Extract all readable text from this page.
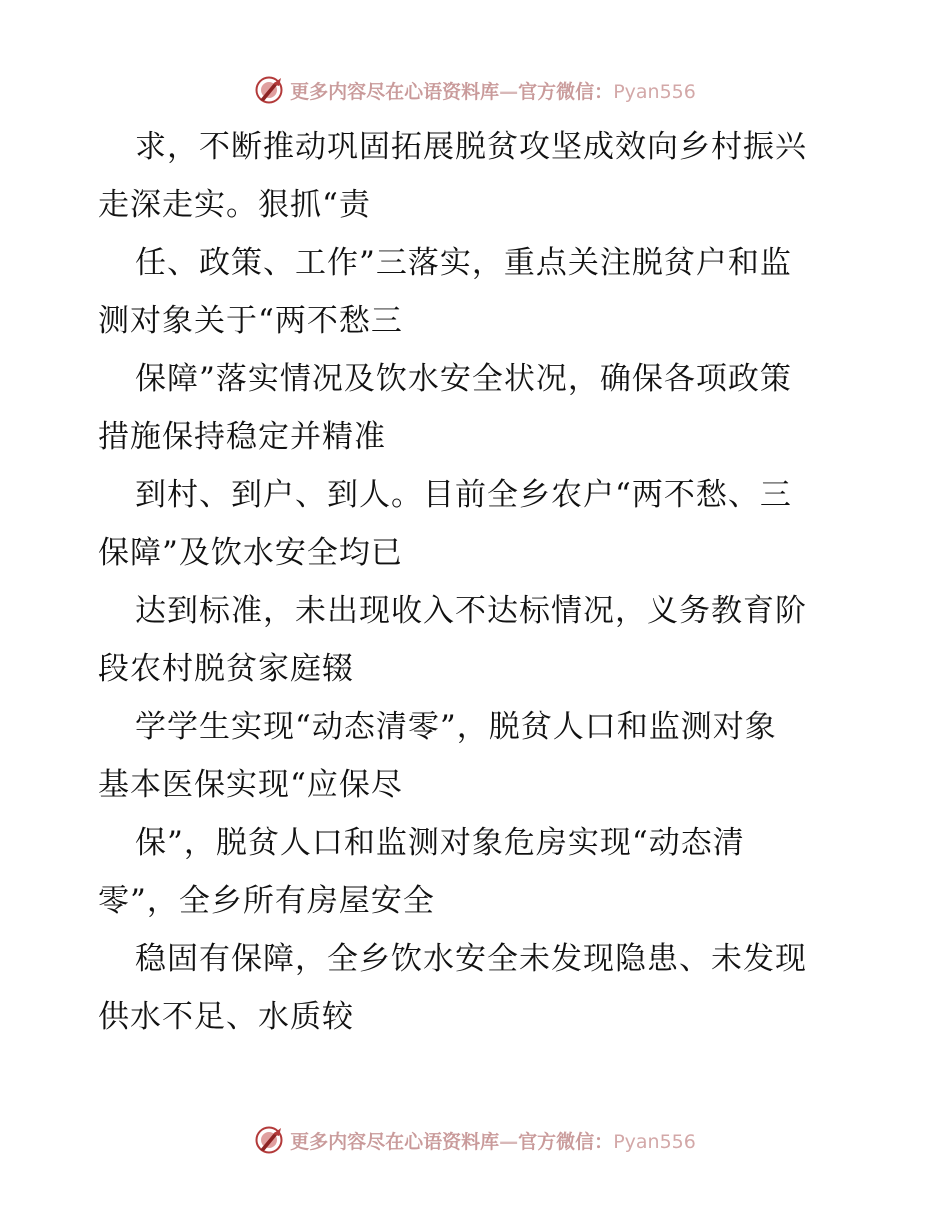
更多内容尽在心语资料库—官方微信：Pyan556
求，不断推动巩固拓展脱贫攻坚成效向乡村振兴
走深走实。狠抓“责
任、政策、工作”三落实，重点关注脱贫户和监
测对象关于“两不愁三
保障”落实情况及饮水安全状况，确保各项政策
措施保持稳定并精准
到村、到户、到人。目前全乡农户“两不愁、三
保障”及饮水安全均已
达到标准，未出现收入不达标情况，义务教育阶
段农村脱贫家庭辍
学学生实现“动态清零”，脱贫人口和监测对象
基本医保实现“应保尽
保”，脱贫人口和监测对象危房实现“动态清
零”，全乡所有房屋安全
稳固有保障，全乡饮水安全未发现隐患、未发现
供水不足、水质较
更多内容尽在心语资料库—官方微信：Pyan556
